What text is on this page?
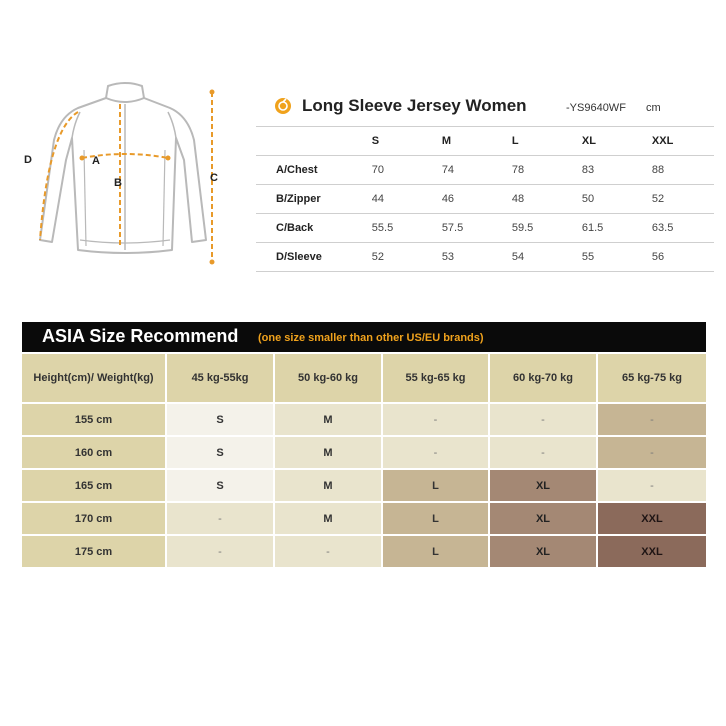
A
B	C
D
Long Sleeve Jersey Women	-YS9640WF cm
	S	M	L	XL	XXL
A/Chest	70	74	78	83	88
B/Zipper	44	46	48	50	52
C/Back	55.5	57.5	59.5	61.5	63.5
D/Sleeve	52	53	54	55	56
ASIA Size Recommend (one size smaller than other US/EU brands)
Height(cm)/ Weight(kg)	45 kg-55kg	50 kg-60 kg	55 kg-65 kg	60 kg-70 kg	65 kg-75 kg
155 cm	S	M	-	-	-
160 cm	S	M	-	-	-
165 cm	S	M	L	XL	-
170 cm	-	M	L	XL	XXL
175 cm	-	-	L	XL	XXL
